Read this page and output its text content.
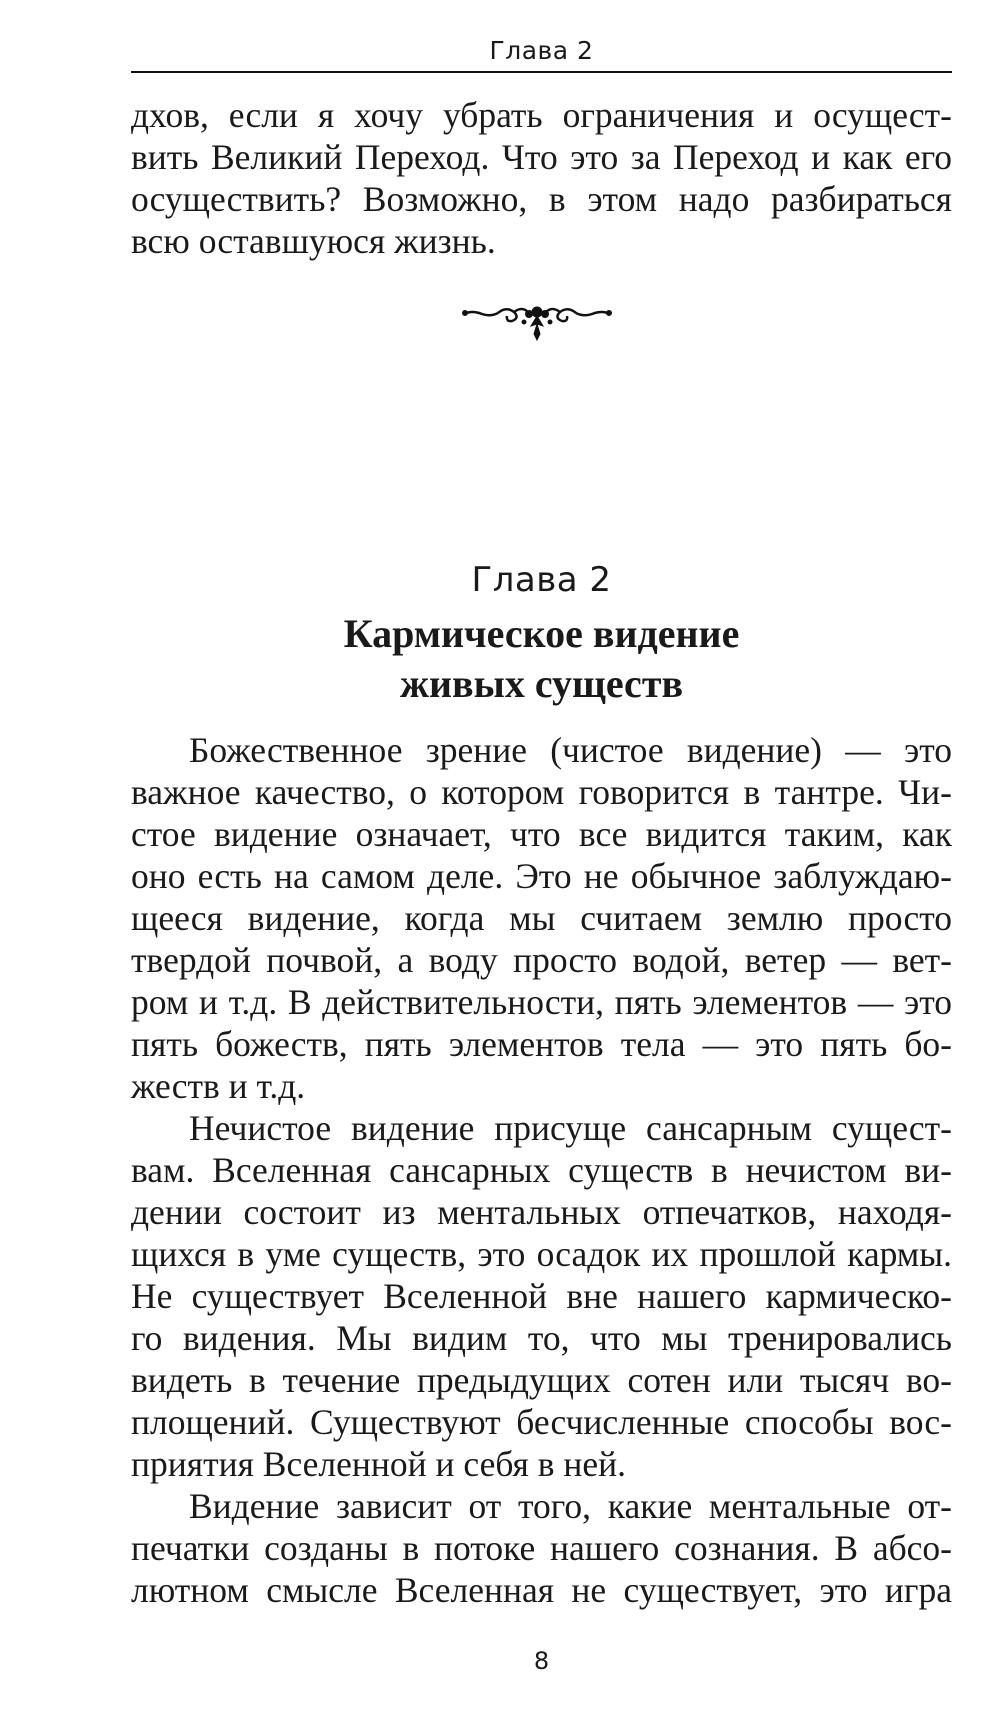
Глава 2
дхов, если я хочу убрать ограничения и осущест-
вить Великий Переход. Что это за Переход и как его
осуществить? Возможно, в этом надо разбираться
всю оставшуюся жизнь.
Глава 2
Кармическое видение
живых существ
Божественное зрение (чистое видение) — это
важное качество, о котором говорится в тантре. Чи-
стое видение означает, что все видится таким, как
оно есть на самом деле. Это не обычное заблуждаю-
щееся видение, когда мы считаем землю просто
твердой почвой, а воду просто водой, ветер — вет-
ром и т.д. В действительности, пять элементов — это
пять божеств, пять элементов тела — это пять бо-
жеств и т.д.
Нечистое видение присуще сансарным сущест-
вам. Вселенная сансарных существ в нечистом ви-
дении состоит из ментальных отпечатков, находя-
щихся в уме существ, это осадок их прошлой кармы.
Не существует Вселенной вне нашего кармическо-
го видения. Мы видим то, что мы тренировались
видеть в течение предыдущих сотен или тысяч во-
площений. Существуют бесчисленные способы вос-
приятия Вселенной и себя в ней.
Видение зависит от того, какие ментальные от-
печатки созданы в потоке нашего сознания. В абсо-
лютном смысле Вселенная не существует, это игра
8
